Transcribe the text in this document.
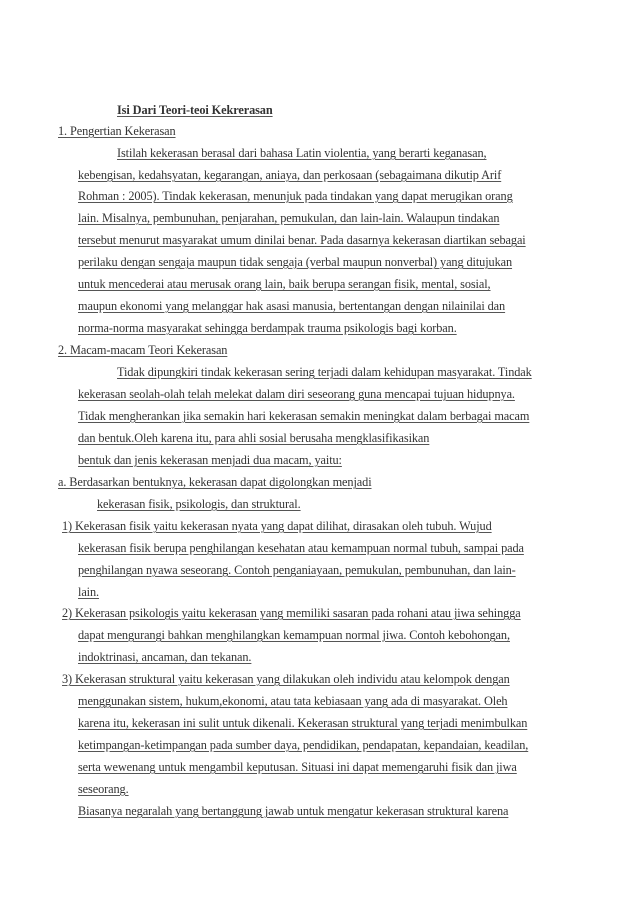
Isi Dari Teori-teoi Kekrerasan
1. Pengertian Kekerasan
Istilah kekerasan berasal dari bahasa Latin violentia, yang berarti keganasan,
kebengisan, kedahsyatan, kegarangan, aniaya, dan perkosaan (sebagaimana dikutip Arif
Rohman : 2005). Tindak kekerasan, menunjuk pada tindakan yang dapat merugikan orang
lain. Misalnya, pembunuhan, penjarahan, pemukulan, dan lain-lain. Walaupun tindakan
tersebut menurut masyarakat umum dinilai benar. Pada dasarnya kekerasan diartikan sebagai
perilaku dengan sengaja maupun tidak sengaja (verbal maupun nonverbal) yang ditujukan
untuk mencederai atau merusak orang lain, baik berupa serangan fisik, mental, sosial,
maupun ekonomi yang melanggar hak asasi manusia, bertentangan dengan nilainilai dan
norma-norma masyarakat sehingga berdampak trauma psikologis bagi korban.
2. Macam-macam Teori Kekerasan
Tidak dipungkiri tindak kekerasan sering terjadi dalam kehidupan masyarakat. Tindak
kekerasan seolah-olah telah melekat dalam diri seseorang guna mencapai tujuan hidupnya.
Tidak mengherankan jika semakin hari kekerasan semakin meningkat dalam berbagai macam
dan bentuk.Oleh karena itu, para ahli sosial berusaha mengklasifikasikan
bentuk dan jenis kekerasan menjadi dua macam, yaitu:
a. Berdasarkan bentuknya, kekerasan dapat digolongkan menjadi
kekerasan fisik, psikologis, dan struktural.
1) Kekerasan fisik yaitu kekerasan nyata yang dapat dilihat, dirasakan oleh tubuh. Wujud
kekerasan fisik berupa penghilangan kesehatan atau kemampuan normal tubuh, sampai pada
penghilangan nyawa seseorang. Contoh penganiayaan, pemukulan, pembunuhan, dan lain-
lain.
2) Kekerasan psikologis yaitu kekerasan yang memiliki sasaran pada rohani atau jiwa sehingga
dapat mengurangi bahkan menghilangkan kemampuan normal jiwa. Contoh kebohongan,
indoktrinasi, ancaman, dan tekanan.
3) Kekerasan struktural yaitu kekerasan yang dilakukan oleh individu atau kelompok dengan
menggunakan sistem, hukum,ekonomi, atau tata kebiasaan yang ada di masyarakat. Oleh
karena itu, kekerasan ini sulit untuk dikenali. Kekerasan struktural yang terjadi menimbulkan
ketimpangan-ketimpangan pada sumber daya, pendidikan, pendapatan, kepandaian, keadilan,
serta wewenang untuk mengambil keputusan. Situasi ini dapat memengaruhi fisik dan jiwa
seseorang.
Biasanya negaralah yang bertanggung jawab untuk mengatur kekerasan struktural karena
